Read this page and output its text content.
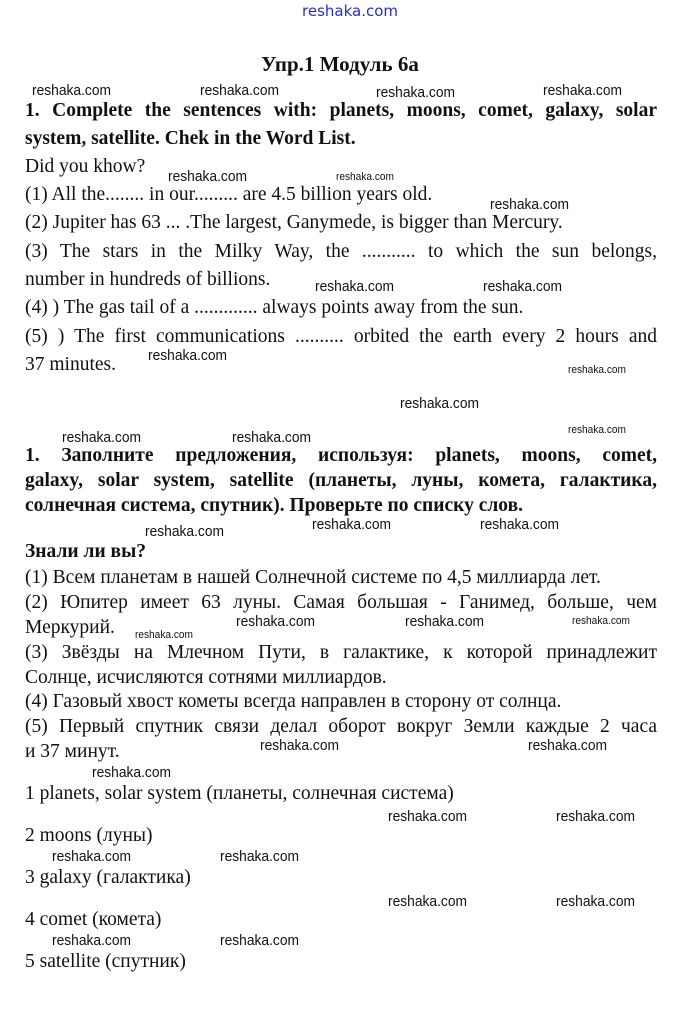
reshaka.com
Упр.1 Модуль 6а
1. Complete the sentences with: planets, moons, comet, galaxy, solar
system, satellite. Chek in the Word List.
Did you khow?
(1) All the........ in our......... are 4.5 billion years old.
(2) Jupiter has 63 ... .The largest, Ganymede, is bigger than Mercury.
(3) The stars in the Milky Way, the ........... to which the sun belongs,
number in hundreds of billions.
(4) ) The gas tail of a ............. always points away from the sun.
(5) ) The first communications .......... orbited the earth every 2 hours and
37 minutes.
1. Заполните предложения, используя: planets, moons, comet,
galaxy, solar system, satellite (планеты, луны, комета, галактика,
солнечная система, спутник). Проверьте по списку слов.
Знали ли вы?
(1) Всем планетам в нашей Солнечной системе по 4,5 миллиарда лет.
(2) Юпитер имеет 63 луны. Самая большая - Ганимед, больше, чем
Меркурий.
(3) Звёзды на Млечном Пути, в галактике, к которой принадлежит
Солнце, исчисляются сотнями миллиардов.
(4) Газовый хвост кометы всегда направлен в сторону от солнца.
(5) Первый спутник связи делал оборот вокруг Земли каждые 2 часа
и 37 минут.
1 planets, solar system (планеты, солнечная система)
2 moons (луны)
3 galaxy (галактика)
4 comet (комета)
5 satellite (спутник)
reshaka.com	reshaka.com	reshaka.com	reshaka.com
reshaka.com	reshaka.com
reshaka.com
reshaka.com	reshaka.com
reshaka.com
reshaka.com
reshaka.com
reshaka.com
reshaka.com	reshaka.com
reshaka.com	reshaka.com	reshaka.com
reshaka.com	reshaka.com	reshaka.com
reshaka.com
reshaka.com	reshaka.com
reshaka.com
reshaka.com	reshaka.com
reshaka.com	reshaka.com
reshaka.com	reshaka.com
reshaka.com	reshaka.com
